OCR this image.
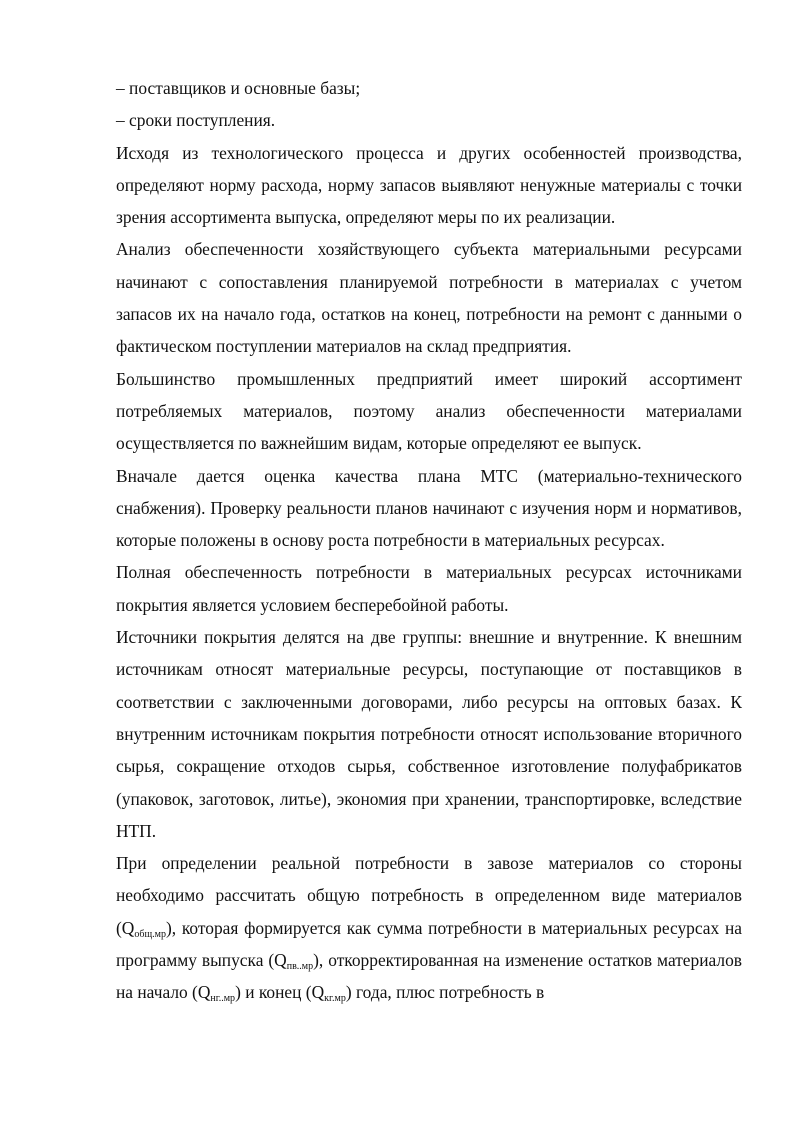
– поставщиков и основные базы;

– сроки поступления.

Исходя из технологического процесса и других особенностей производства, определяют норму расхода, норму запасов выявляют ненужные материалы с точки зрения ассортимента выпуска, определяют меры по их реализации.

Анализ обеспеченности хозяйствующего субъекта материальными ресурсами начинают с сопоставления планируемой потребности в материалах с учетом запасов их на начало года, остатков на конец, потребности на ремонт с данными о фактическом поступлении материалов на склад предприятия.

Большинство промышленных предприятий имеет широкий ассортимент потребляемых материалов, поэтому анализ обеспеченности материалами осуществляется по важнейшим видам, которые определяют ее выпуск.

Вначале дается оценка качества плана МТС (материально-технического снабжения). Проверку реальности планов начинают с изучения норм и нормативов, которые положены в основу роста потребности в материальных ресурсах.

Полная обеспеченность потребности в материальных ресурсах источниками покрытия является условием бесперебойной работы.

Источники покрытия делятся на две группы: внешние и внутренние. К внешним источникам относят материальные ресурсы, поступающие от поставщиков в соответствии с заключенными договорами, либо ресурсы на оптовых базах. К внутренним источникам покрытия потребности относят использование вторичного сырья, сокращение отходов сырья, собственное изготовление полуфабрикатов (упаковок, заготовок, литье), экономия при хранении, транспортировке, вследствие НТП.

При определении реальной потребности в завозе материалов со стороны необходимо рассчитать общую потребность в определенном виде материалов $(Q_{общ.мр})$, которая формируется как сумма потребности в материальных ресурсах на программу выпуска $(Q_{пв..мр})$, откорректированная на изменение остатков материалов на начало $(Q_{нг..мр})$ и конец $(Q_{кг.мр})$ года, плюс потребность в
